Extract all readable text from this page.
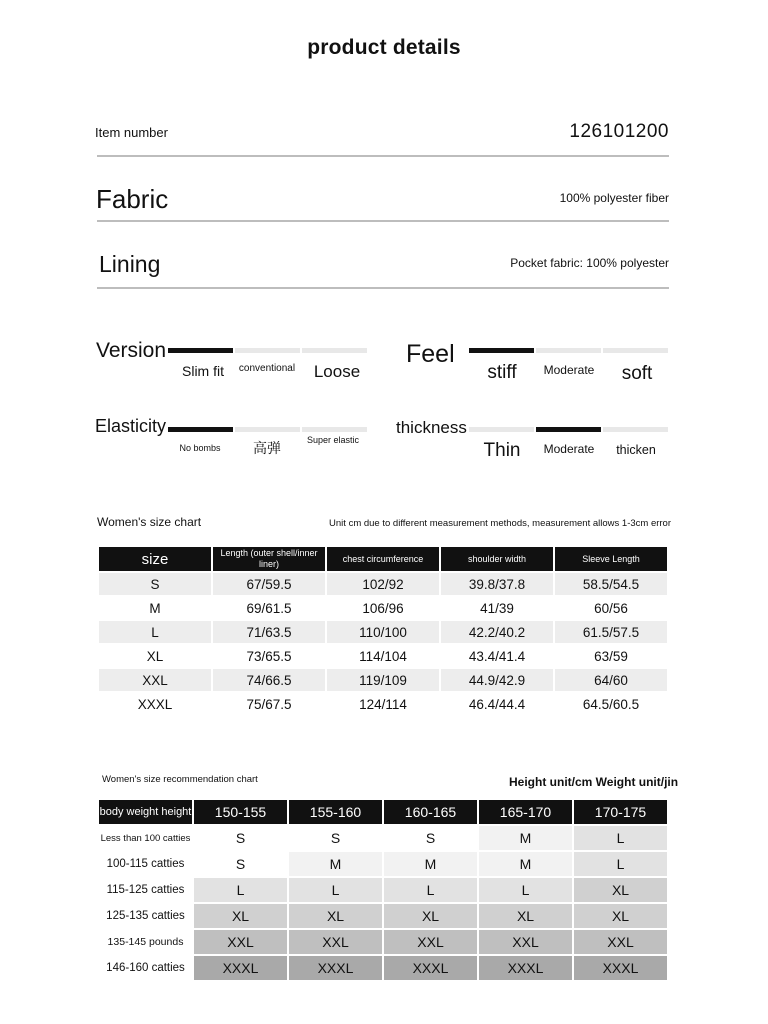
product details
Item number	126101200
Fabric	100% polyester fiber
Lining	Pocket fabric: 100% polyester
Version
Slim fit	conventional	Loose
Feel
stiff	Moderate	soft
Elasticity
No bombs	高弹	Super elastic
thickness
Thin	Moderate	thicken
Women's size chart	Unit cm due to different measurement methods, measurement allows 1-3cm error
size	Length (outer shell/inner liner)	chest circumference	shoulder width	Sleeve Length
S	67/59.5	102/92	39.8/37.8	58.5/54.5
M	69/61.5	106/96	41/39	60/56
L	71/63.5	110/100	42.2/40.2	61.5/57.5
XL	73/65.5	114/104	43.4/41.4	63/59
XXL	74/66.5	119/109	44.9/42.9	64/60
XXXL	75/67.5	124/114	46.4/44.4	64.5/60.5
Women's size recommendation chart	Height unit/cm Weight unit/jin
body weight height	150-155	155-160	160-165	165-170	170-175
Less than 100 catties	S	S	S	M	L
100-115 catties	S	M	M	M	L
115-125 catties	L	L	L	L	XL
125-135 catties	XL	XL	XL	XL	XL
135-145 pounds	XXL	XXL	XXL	XXL	XXL
146-160 catties	XXXL	XXXL	XXXL	XXXL	XXXL
